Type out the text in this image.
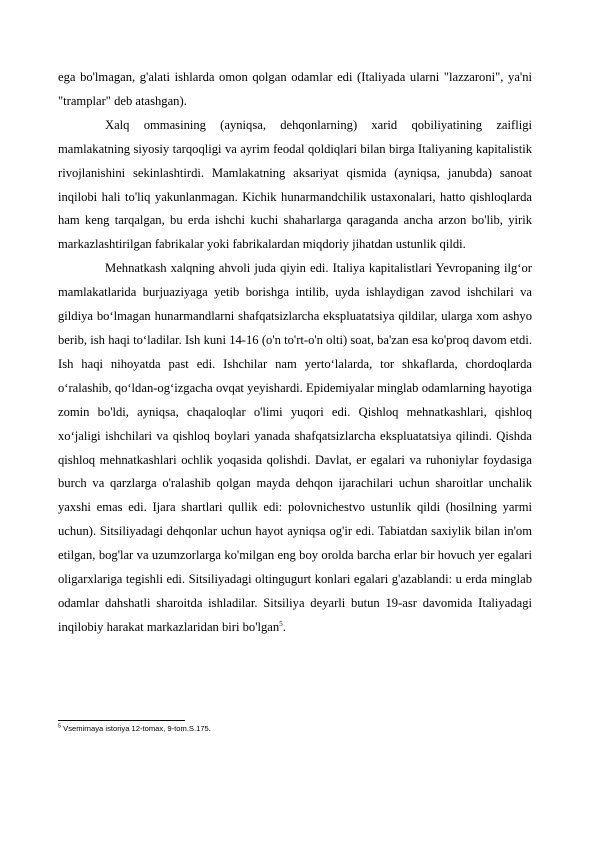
ega bo'lmagan, g'alati ishlarda omon qolgan odamlar edi (Italiyada ularni "lazzaroni", ya'ni "tramplar" deb atashgan).

Xalq ommasining (ayniqsa, dehqonlarning) xarid qobiliyatining zaifligi mamlakatning siyosiy tarqoqligi va ayrim feodal qoldiqlari bilan birga Italiyaning kapitalistik rivojlanishini sekinlashtirdi. Mamlakatning aksariyat qismida (ayniqsa, janubda) sanoat inqilobi hali to'liq yakunlanmagan. Kichik hunarmandchilik ustaxonalari, hatto qishloqlarda ham keng tarqalgan, bu erda ishchi kuchi shaharlarga qaraganda ancha arzon bo'lib, yirik markazlashtirilgan fabrikalar yoki fabrikalardan miqdoriy jihatdan ustunlik qildi.

Mehnatkash xalqning ahvoli juda qiyin edi. Italiya kapitalistlari Yevropaning ilg‘or mamlakatlarida burjuaziyaga yetib borishga intilib, uyda ishlaydigan zavod ishchilari va gildiya bo‘lmagan hunarmandlarni shafqatsizlarcha ekspluatatsiya qildilar, ularga xom ashyo berib, ish haqi to‘ladilar. Ish kuni 14-16 (o'n to'rt-o'n olti) soat, ba'zan esa ko'proq davom etdi. Ish haqi nihoyatda past edi. Ishchilar nam yerto‘lalarda, tor shkaflarda, chordoqlarda o‘ralashib, qo‘ldan-og‘izgacha ovqat yeyishardi. Epidemiyalar minglab odamlarning hayotiga zomin bo'ldi, ayniqsa, chaqaloqlar o'limi yuqori edi. Qishloq mehnatkashlari, qishloq xo‘jaligi ishchilari va qishloq boylari yanada shafqatsizlarcha ekspluatatsiya qilindi. Qishda qishloq mehnatkashlari ochlik yoqasida qolishdi. Davlat, er egalari va ruhoniylar foydasiga burch va qarzlarga o'ralashib qolgan mayda dehqon ijarachilari uchun sharoitlar unchalik yaxshi emas edi. Ijara shartlari qullik edi: polovnichestvo ustunlik qildi (hosilning yarmi uchun). Sitsiliyadagi dehqonlar uchun hayot ayniqsa og'ir edi. Tabiatdan saxiylik bilan in'om etilgan, bog'lar va uzumzorlarga ko'milgan eng boy orolda barcha erlar bir hovuch yer egalari oligarxlariga tegishli edi. Sitsiliyadagi oltingugurt konlari egalari g'azablandi: u erda minglab odamlar dahshatli sharoitda ishladilar. Sitsiliya deyarli butun 19-asr davomida Italiyadagi inqilobiy harakat markazlaridan biri bo'lgan$^5$.

$^5$ Vsemirnaya istoriya 12-tomax, 9-tom.S.175.
